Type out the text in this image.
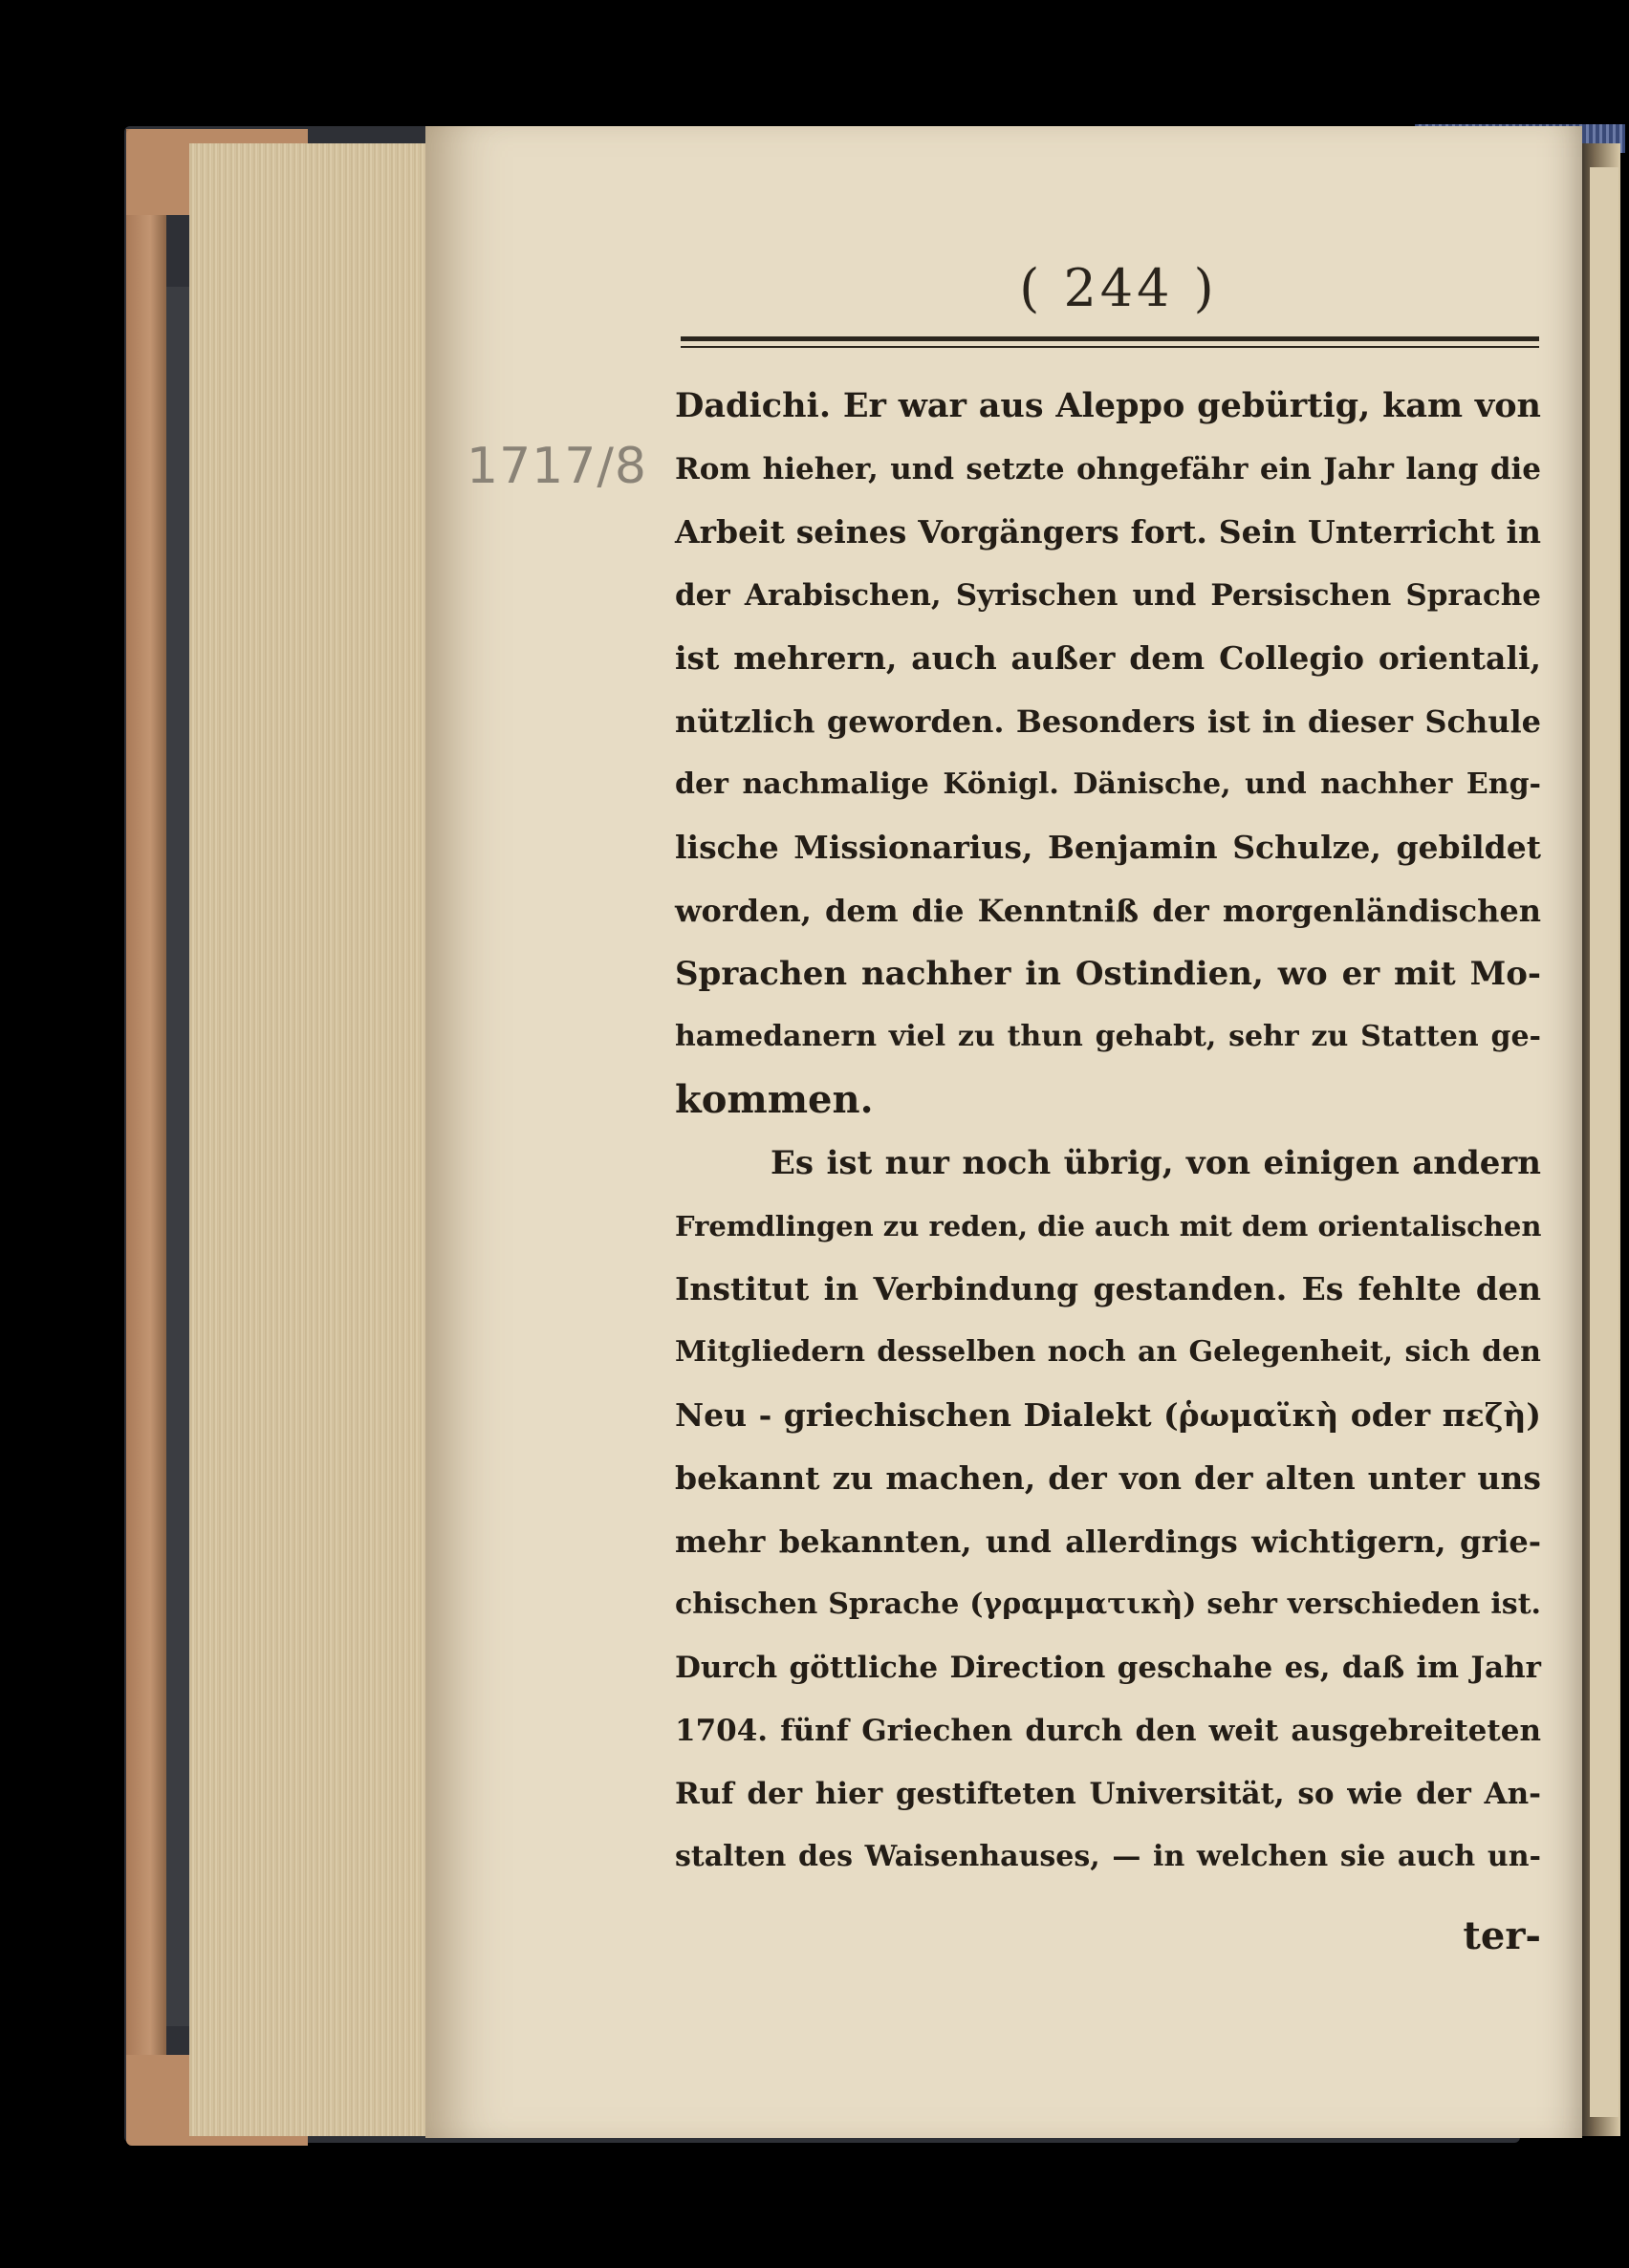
1717/8
( 244 )
Dadichi. Er war aus Aleppo gebürtig, kam von
Rom hieher, und setzte ohngefähr ein Jahr lang die
Arbeit seines Vorgängers fort. Sein Unterricht in
der Arabischen, Syrischen und Persischen Sprache
ist mehrern, auch außer dem Collegio orientali,
nützlich geworden. Besonders ist in dieser Schule
der nachmalige Königl. Dänische, und nachher Eng-
lische Missionarius, Benjamin Schulze, gebildet
worden, dem die Kenntniß der morgenländischen
Sprachen nachher in Ostindien, wo er mit Mo-
hamedanern viel zu thun gehabt, sehr zu Statten ge-
kommen.
Es ist nur noch übrig, von einigen andern
Fremdlingen zu reden, die auch mit dem orientalischen
Institut in Verbindung gestanden. Es fehlte den
Mitgliedern desselben noch an Gelegenheit, sich den
Neu - griechischen Dialekt (ῥωμαϊκὴ oder πεζὴ)
bekannt zu machen, der von der alten unter uns
mehr bekannten, und allerdings wichtigern, grie-
chischen Sprache (γραμματικὴ) sehr verschieden ist.
Durch göttliche Direction geschahe es, daß im Jahr
1704. fünf Griechen durch den weit ausgebreiteten
Ruf der hier gestifteten Universität, so wie der An-
stalten des Waisenhauses, — in welchen sie auch un-
ter-
